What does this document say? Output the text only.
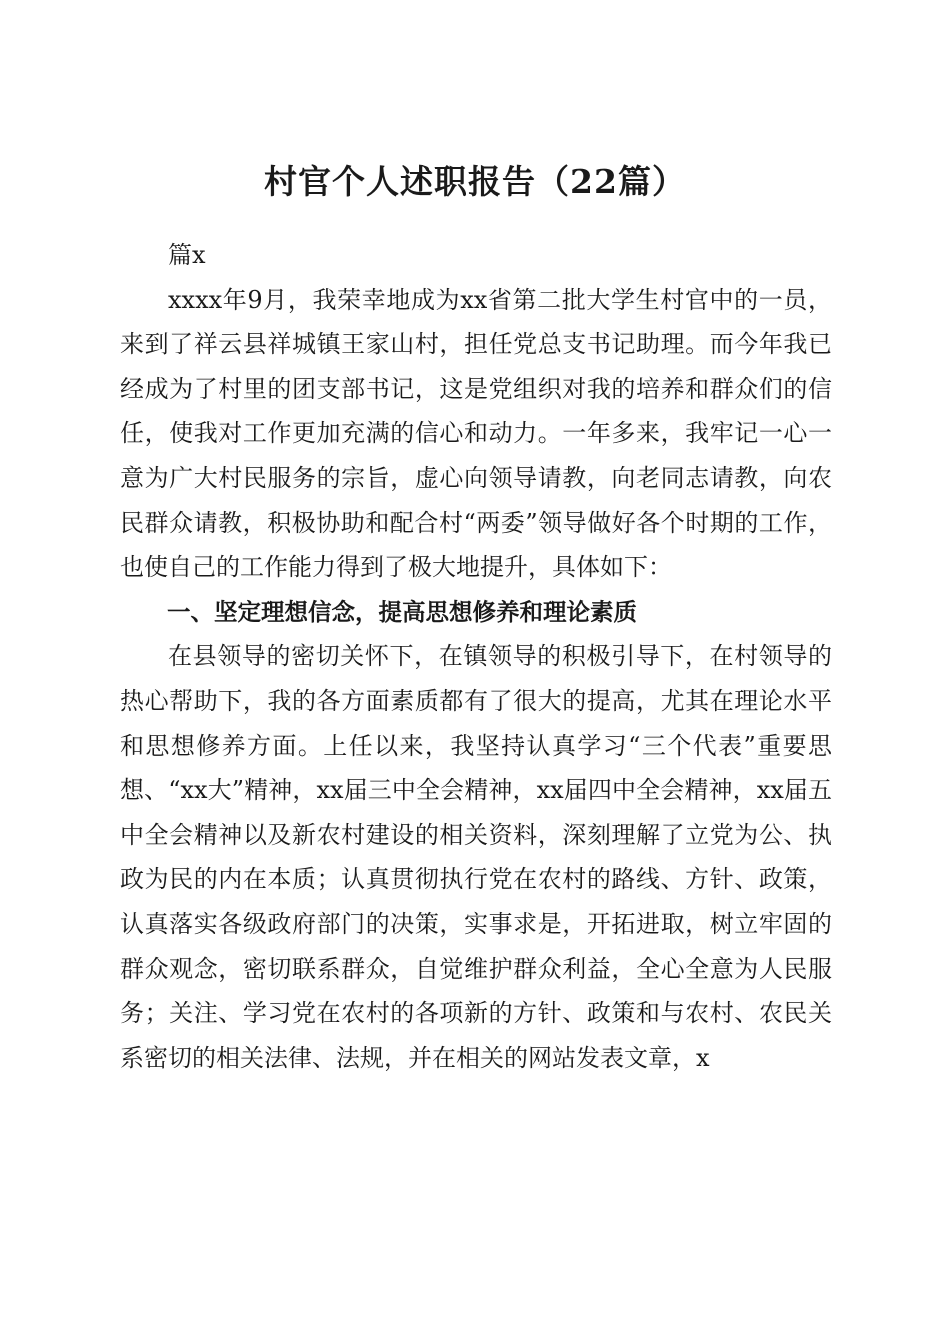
村官个人述职报告（22篇）

篇x

xxxx年9月，我荣幸地成为xx省第二批大学生村官中的一员，来到了祥云县祥城镇王家山村，担任党总支书记助理。而今年我已经成为了村里的团支部书记，这是党组织对我的培养和群众们的信任，使我对工作更加充满的信心和动力。一年多来，我牢记一心一意为广大村民服务的宗旨，虚心向领导请教，向老同志请教，向农民群众请教，积极协助和配合村“两委”领导做好各个时期的工作，也使自己的工作能力得到了极大地提升，具体如下：

一、坚定理想信念，提高思想修养和理论素质

在县领导的密切关怀下，在镇领导的积极引导下，在村领导的热心帮助下，我的各方面素质都有了很大的提高，尤其在理论水平和思想修养方面。上任以来，我坚持认真学习“三个代表”重要思想、“xx大”精神，xx届三中全会精神，xx届四中全会精神，xx届五中全会精神以及新农村建设的相关资料，深刻理解了立党为公、执政为民的内在本质；认真贯彻执行党在农村的路线、方针、政策，认真落实各级政府部门的决策，实事求是，开拓进取，树立牢固的群众观念，密切联系群众，自觉维护群众利益，全心全意为人民服务；关注、学习党在农村的各项新的方针、政策和与农村、农民关系密切的相关法律、法规，并在相关的网站发表文章，x
